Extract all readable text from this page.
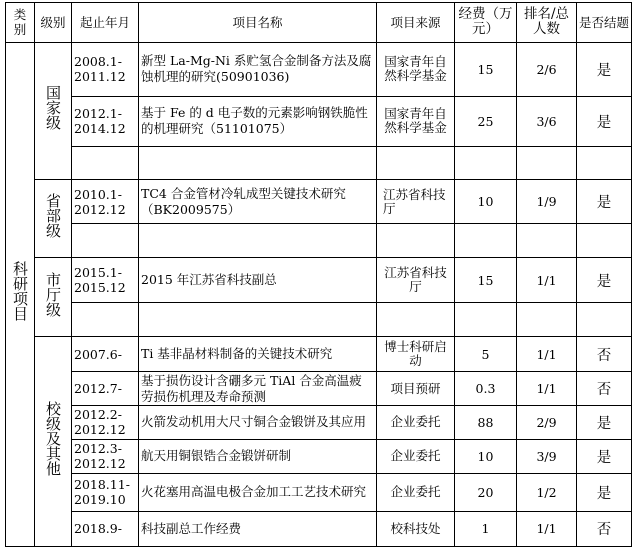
类别	级别	起止年月	项目名称	项目来源	经费（万元）	排名/总人数	是否结题
科研项目	国家级	2008.1-2011.12	新型 La-Mg-Ni 系贮氢合金制备方法及腐蚀机理的研究(50901036)	国家青年自然科学基金	15	2/6	是
		2012.1-2014.12	基于 Fe 的 d 电子数的元素影响钢铁脆性的机理研究（51101075）	国家青年自然科学基金	25	3/6	是

	省部级	2010.1-2012.12	TC4 合金管材冷轧成型关键技术研究（BK2009575）	江苏省科技厅	10	1/9	是

	市厅级	2015.1-2015.12	2015 年江苏省科技副总	江苏省科技厅	15	1/1	是

	校级及其他	2007.6-	Ti 基非晶材料制备的关键技术研究	博士科研启动	5	1/1	否
		2012.7-	基于损伤设计含硼多元 TiAl 合金高温疲劳损伤机理及寿命预测	项目预研	0.3	1/1	否
		2012.2-2012.12	火箭发动机用大尺寸铜合金锻饼及其应用	企业委托	88	2/9	是
		2012.3-2012.12	航天用铜银锆合金锻饼研制	企业委托	10	3/9	是
		2018.11-2019.10	火花塞用高温电极合金加工工艺技术研究	企业委托	20	1/2	是
		2018.9-	科技副总工作经费	校科技处	1	1/1	否
